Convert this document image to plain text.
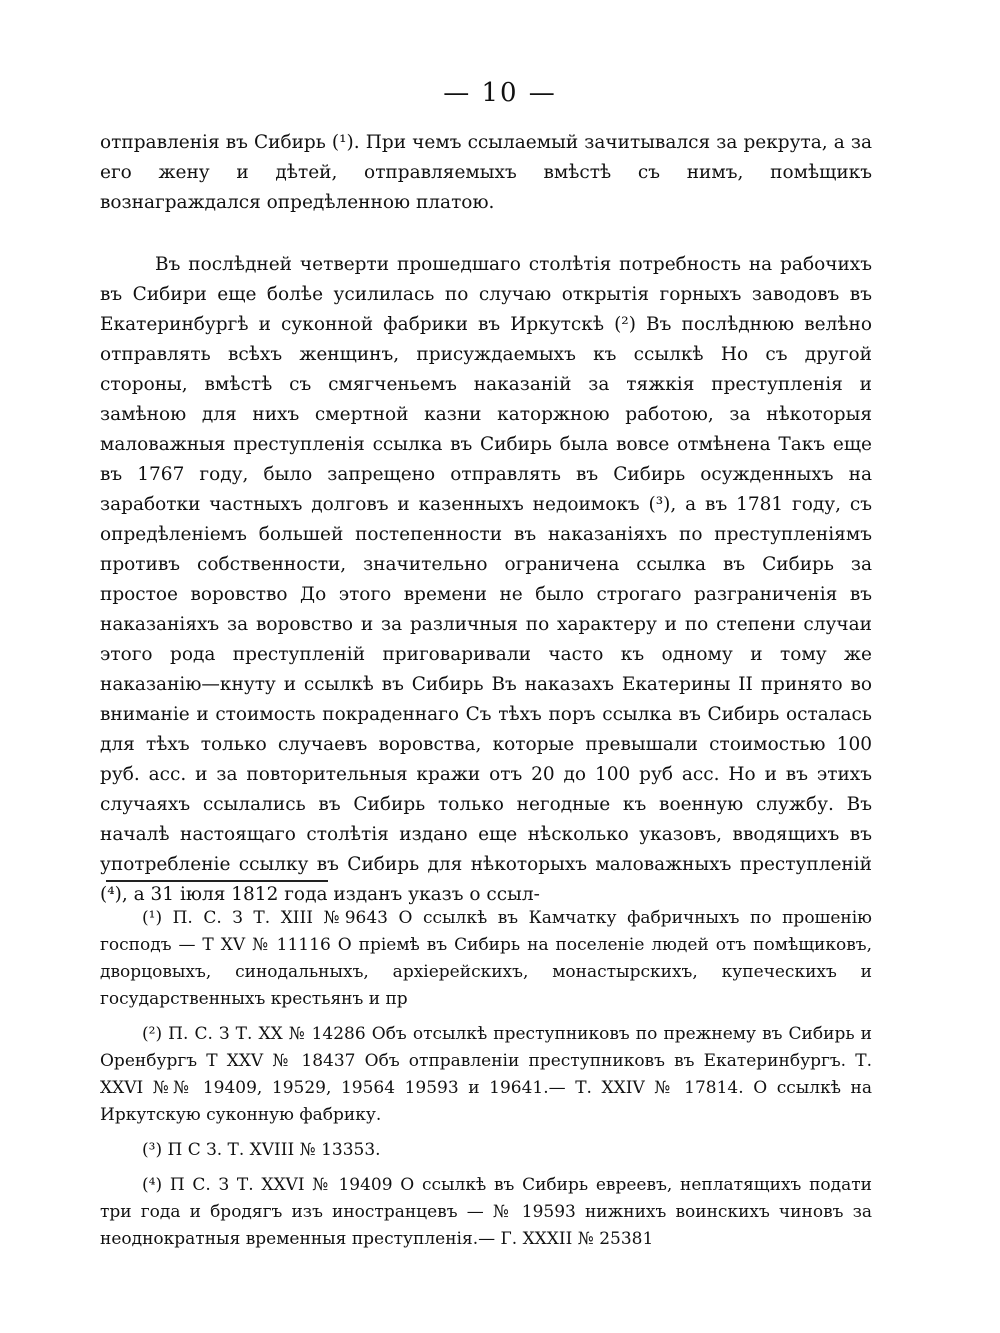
— 10 —

отправленія въ Сибирь (¹). При чемъ ссылаемый зачитывался за рекрута, а за его жену и дѣтей, отправляемыхъ вмѣстѣ съ нимъ, помѣщикъ вознаграждался опредѣленною платою.

Въ послѣдней четверти прошедшаго столѣтія потребность на рабочихъ въ Сибири еще болѣе усилилась по случаю открытія горныхъ заводовъ въ Екатеринбургѣ и суконной фабрики въ Иркутскѣ (²) Въ послѣднюю велѣно отправлять всѣхъ женщинъ, присуждаемыхъ къ ссылкѣ Но съ другой стороны, вмѣстѣ съ смягченьемъ наказаній за тяжкія преступленія и замѣною для нихъ смертной казни каторжною работою, за нѣкоторыя маловажныя преступленія ссылка въ Сибирь была вовсе отмѣнена Такъ еще въ 1767 году, было запрещено отправлять въ Сибирь осужденныхъ на заработки частныхъ долговъ и казенныхъ недоимокъ (³), а въ 1781 году, съ опредѣленіемъ большей постепенности въ наказаніяхъ по преступленіямъ противъ собственности, значительно ограничена ссылка въ Сибирь за простое воровство До этого времени не было строгаго разграниченія въ наказаніяхъ за воровство и за различныя по характеру и по степени случаи этого рода преступленій приговаривали часто къ одному и тому же наказанію—кнуту и ссылкѣ въ Сибирь Въ наказахъ Екатерины II принято во вниманіе и стоимость покраденнаго Съ тѣхъ поръ ссылка въ Сибирь осталась для тѣхъ только случаевъ воровства, которые превышали стоимостью 100 руб. асс. и за повторительныя кражи отъ 20 до 100 руб асс. Но и въ этихъ случаяхъ ссылались въ Сибирь только негодные къ военную службу. Въ началѣ настоящаго столѣтія издано еще нѣсколько указовъ, вводящихъ въ употребленіе ссылку въ Сибирь для нѣкоторыхъ маловажныхъ преступленій (⁴), а 31 іюля 1812 года изданъ указъ о ссыл-

(¹) П. С. З Т. XIII №9643 О ссылкѣ въ Камчатку фабричныхъ по прошенію господъ — Т XV № 11116 О пріемѣ въ Сибирь на поселеніе людей отъ помѣщиковъ, дворцовыхъ, синодальныхъ, архіерейскихъ, монастырскихъ, купеческихъ и государственныхъ крестьянъ и пр

(²) П. С. З Т. XX № 14286 Объ отсылкѣ преступниковъ по прежнему въ Сибирь и Оренбургъ Т XXV № 18437 Объ отправленіи преступниковъ въ Екатеринбургъ. Т. XXVI №№ 19409, 19529, 19564 19593 и 19641.— Т. XXIV № 17814. О ссылкѣ на Иркутскую суконную фабрику.

(³) П С З. Т. XVIII № 13353.

(⁴) П С. З Т. XXVI № 19409 О ссылкѣ въ Сибирь евреевъ, неплатящихъ подати три года и бродягъ изъ иностранцевъ — № 19593 нижнихъ воинскихъ чиновъ за неоднократныя временныя преступленія.— Г. XXXII № 25381
